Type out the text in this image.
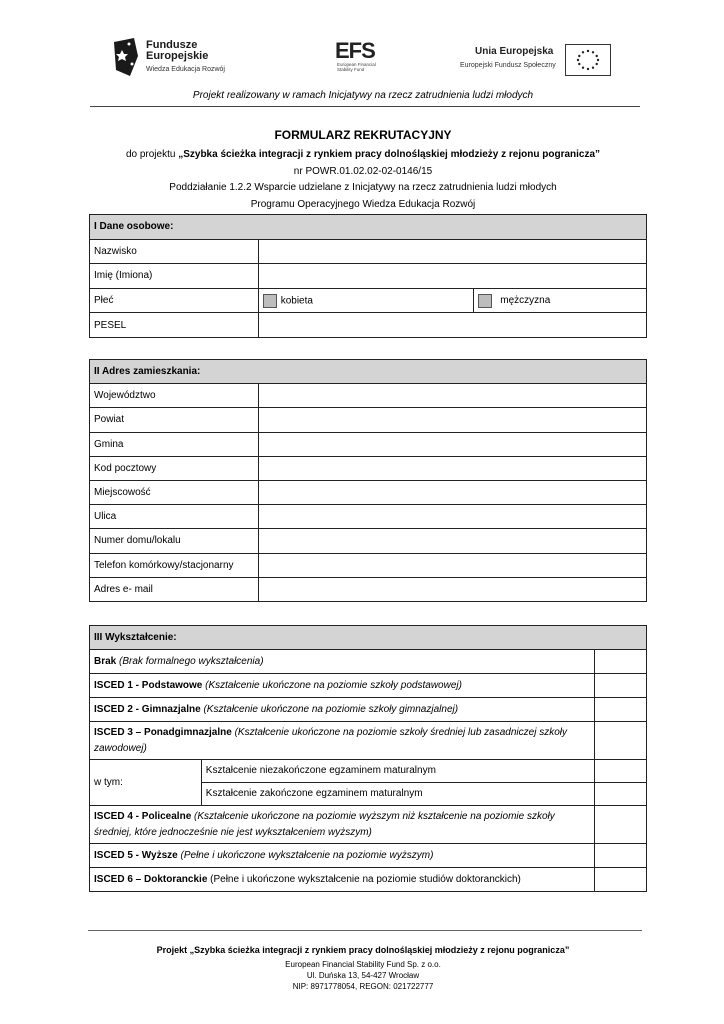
Fundusze
Europejskie
Wiedza Edukacja Rozwój
EFS
European Financial Stability Fund
Unia Europejska
Europejski Fundusz Społeczny
Projekt realizowany w ramach Inicjatywy na rzecz zatrudnienia ludzi młodych
FORMULARZ REKRUTACYJNY
do projektu „Szybka ścieżka integracji z rynkiem pracy dolnośląskiej młodzieży z rejonu pogranicza”
nr POWR.01.02.02-02-0146/15
Poddziałanie 1.2.2 Wsparcie udzielane z Inicjatywy na rzecz zatrudnienia ludzi młodych
Programu Operacyjnego Wiedza Edukacja Rozwój
I Dane osobowe:		
Nazwisko		
Imię (Imiona)		
Płeć	kobieta	mężczyzna
PESEL		
II Adres zamieszkania:	
Województwo	
Powiat	
Gmina	
Kod pocztowy	
Miejscowość	
Ulica	
Numer domu/lokalu	
Telefon komórkowy/stacjonarny	
Adres e- mail	
III Wykształcenie:		
Brak (Brak formalnego wykształcenia)		
ISCED 1 - Podstawowe (Kształcenie ukończone na poziomie szkoły podstawowej)		
ISCED 2 - Gimnazjalne (Kształcenie ukończone na poziomie szkoły gimnazjalnej)		
ISCED 3 – Ponadgimnazjalne (Kształcenie ukończone na poziomie szkoły średniej lub zasadniczej szkoły zawodowej)		
w tym:	Kształcenie niezakończone egzaminem maturalnym	
	Kształcenie zakończone egzaminem maturalnym	
ISCED 4 - Policealne (Kształcenie ukończone na poziomie wyższym niż kształcenie na poziomie szkoły średniej, które jednocześnie nie jest wykształceniem wyższym)		
ISCED 5 - Wyższe (Pełne i ukończone wykształcenie na poziomie wyższym)		
ISCED 6 – Doktoranckie (Pełne i ukończone wykształcenie na poziomie studiów doktoranckich)		
Projekt „Szybka ścieżka integracji z rynkiem pracy dolnośląskiej młodzieży z rejonu pogranicza”
European Financial Stability Fund Sp. z o.o.
Ul. Duńska 13, 54-427 Wrocław
NIP: 8971778054, REGON: 021722777
